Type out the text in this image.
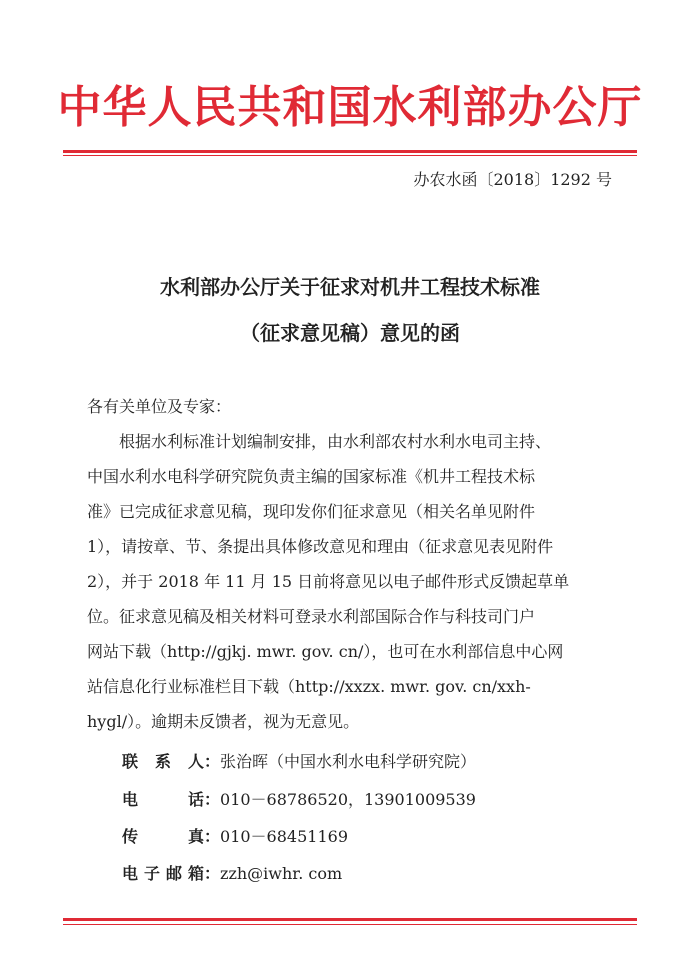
中华人民共和国水利部办公厅
办农水函〔2018〕1292 号
水利部办公厅关于征求对机井工程技术标准
（征求意见稿）意见的函
各有关单位及专家：
　　根据水利标准计划编制安排，由水利部农村水利水电司主持、
中国水利水电科学研究院负责主编的国家标准《机井工程技术标
准》已完成征求意见稿，现印发你们征求意见（相关名单见附件
1），请按章、节、条提出具体修改意见和理由（征求意见表见附件
2），并于 2018 年 11 月 15 日前将意见以电子邮件形式反馈起草单
位。征求意见稿及相关材料可登录水利部国际合作与科技司门户
网站下载（http://gjkj. mwr. gov. cn/），也可在水利部信息中心网
站信息化行业标准栏目下载（http://xxzx. mwr. gov. cn/xxh-
hygl/）。逾期未反馈者，视为无意见。
联 系 人：张治晖（中国水利水电科学研究院）
电 话：010－68786520，13901009539
传 真：010－68451169
电子邮箱：zzh@iwhr. com
